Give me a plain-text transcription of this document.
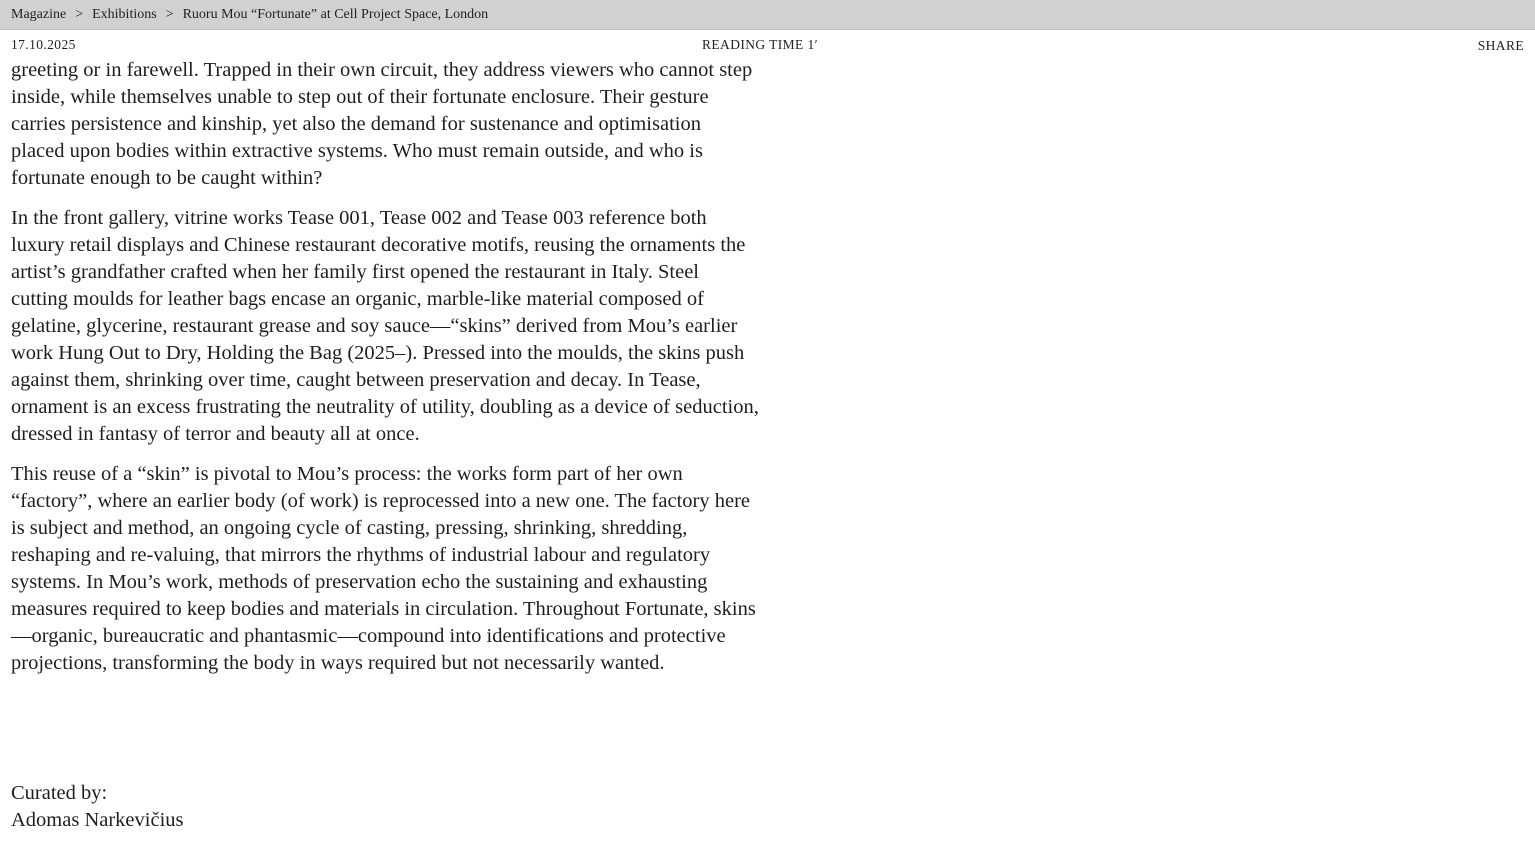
Magazine > Exhibitions > Ruoru Mou “Fortunate” at Cell Project Space, London
17.10.2025	READING TIME 1′	SHARE

greeting or in farewell. Trapped in their own circuit, they address viewers who cannot step inside, while themselves unable to step out of their fortunate enclosure. Their gesture carries persistence and kinship, yet also the demand for sustenance and optimisation placed upon bodies within extractive systems. Who must remain outside, and who is fortunate enough to be caught within?

In the front gallery, vitrine works Tease 001, Tease 002 and Tease 003 reference both luxury retail displays and Chinese restaurant decorative motifs, reusing the ornaments the artist’s grandfather crafted when her family first opened the restaurant in Italy. Steel cutting moulds for leather bags encase an organic, marble-like material composed of gelatine, glycerine, restaurant grease and soy sauce—“skins” derived from Mou’s earlier work Hung Out to Dry, Holding the Bag (2025–). Pressed into the moulds, the skins push against them, shrinking over time, caught between preservation and decay. In Tease, ornament is an excess frustrating the neutrality of utility, doubling as a device of seduction, dressed in fantasy of terror and beauty all at once.

This reuse of a “skin” is pivotal to Mou’s process: the works form part of her own “factory”, where an earlier body (of work) is reprocessed into a new one. The factory here is subject and method, an ongoing cycle of casting, pressing, shrinking, shredding, reshaping and re-valuing, that mirrors the rhythms of industrial labour and regulatory systems. In Mou’s work, methods of preservation echo the sustaining and exhausting measures required to keep bodies and materials in circulation. Throughout Fortunate, skins—organic, bureaucratic and phantasmic—compound into identifications and protective projections, transforming the body in ways required but not necessarily wanted.

Curated by:
Adomas Narkevičius
